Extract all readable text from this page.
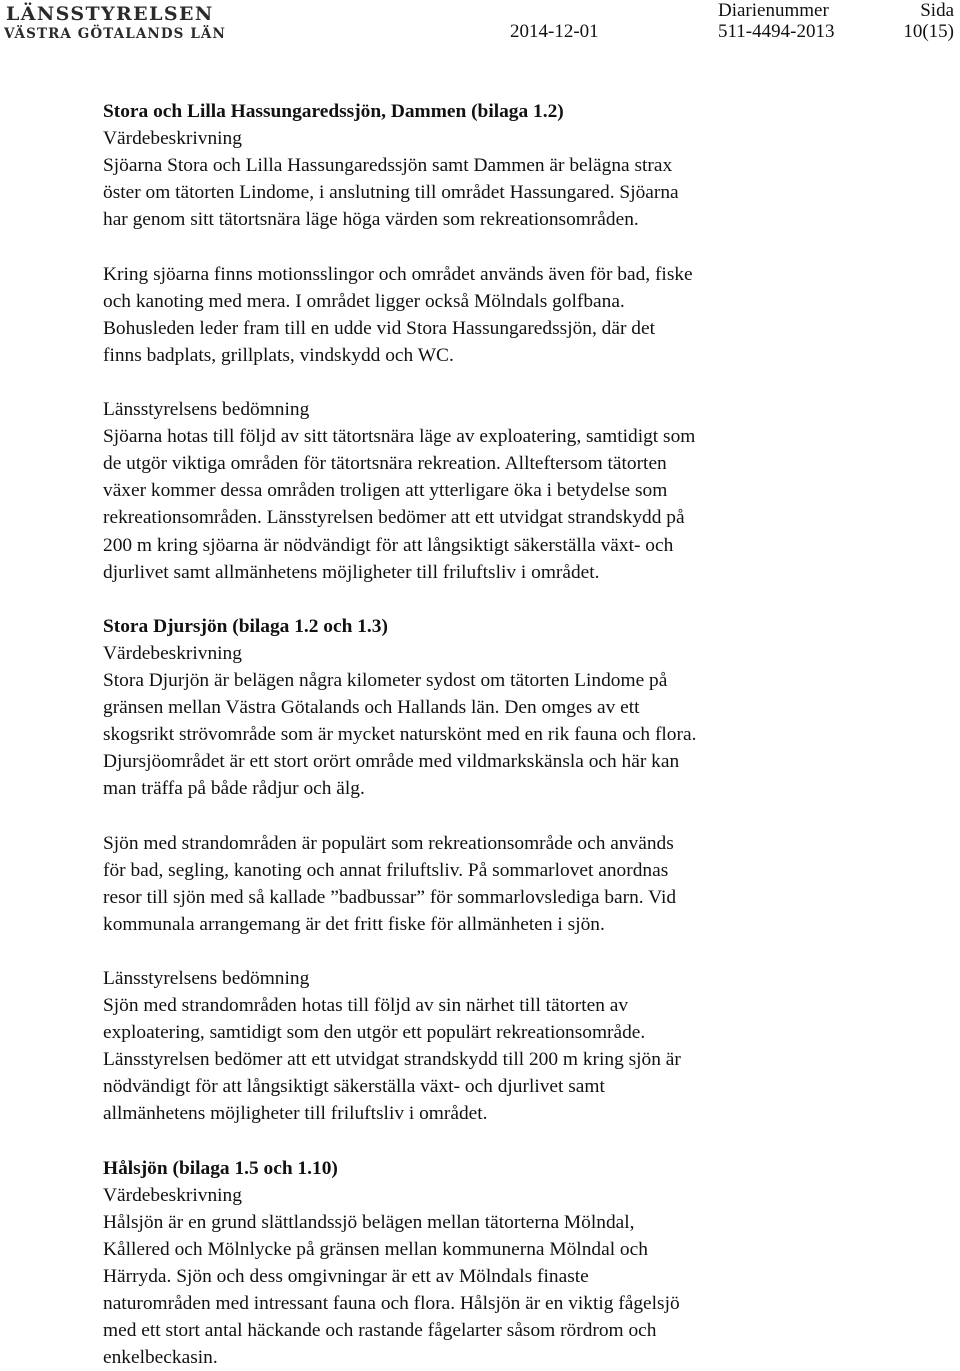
LÄNSSTYRELSEN
VÄSTRA GÖTALANDS LÄN	2014-12-01
Diarienummer
511-4494-2013
Sida
10(15)

Stora och Lilla Hassungaredssjön, Dammen (bilaga 1.2)

Värdebeskrivning

Sjöarna Stora och Lilla Hassungaredssjön samt Dammen är belägna strax
öster om tätorten Lindome, i anslutning till området Hassungared. Sjöarna
har genom sitt tätortsnära läge höga värden som rekreationsområden.

Kring sjöarna finns motionsslingor och området används även för bad, fiske
och kanoting med mera. I området ligger också Mölndals golfbana.
Bohusleden leder fram till en udde vid Stora Hassungaredssjön, där det
finns badplats, grillplats, vindskydd och WC.

Länsstyrelsens bedömning

Sjöarna hotas till följd av sitt tätortsnära läge av exploatering, samtidigt som
de utgör viktiga områden för tätortsnära rekreation. Allteftersom tätorten
växer kommer dessa områden troligen att ytterligare öka i betydelse som
rekreationsområden. Länsstyrelsen bedömer att ett utvidgat strandskydd på
200 m kring sjöarna är nödvändigt för att långsiktigt säkerställa växt- och
djurlivet samt allmänhetens möjligheter till friluftsliv i området.

Stora Djursjön (bilaga 1.2 och 1.3)

Värdebeskrivning

Stora Djurjön är belägen några kilometer sydost om tätorten Lindome på
gränsen mellan Västra Götalands och Hallands län. Den omges av ett
skogsrikt strövområde som är mycket naturskönt med en rik fauna och flora.
Djursjöområdet är ett stort orört område med vildmarkskänsla och här kan
man träffa på både rådjur och älg.

Sjön med strandområden är populärt som rekreationsområde och används
för bad, segling, kanoting och annat friluftsliv. På sommarlovet anordnas
resor till sjön med så kallade ”badbussar” för sommarlovslediga barn. Vid
kommunala arrangemang är det fritt fiske för allmänheten i sjön.

Länsstyrelsens bedömning

Sjön med strandområden hotas till följd av sin närhet till tätorten av
exploatering, samtidigt som den utgör ett populärt rekreationsområde.
Länsstyrelsen bedömer att ett utvidgat strandskydd till 200 m kring sjön är
nödvändigt för att långsiktigt säkerställa växt- och djurlivet samt
allmänhetens möjligheter till friluftsliv i området.

Hålsjön (bilaga 1.5 och 1.10)

Värdebeskrivning

Hålsjön är en grund slättlandssjö belägen mellan tätorterna Mölndal,
Kållered och Mölnlycke på gränsen mellan kommunerna Mölndal och
Härryda. Sjön och dess omgivningar är ett av Mölndals finaste
naturområden med intressant fauna och flora. Hålsjön är en viktig fågelsjö
med ett stort antal häckande och rastande fågelarter såsom rördrom och
enkelbeckasin.
